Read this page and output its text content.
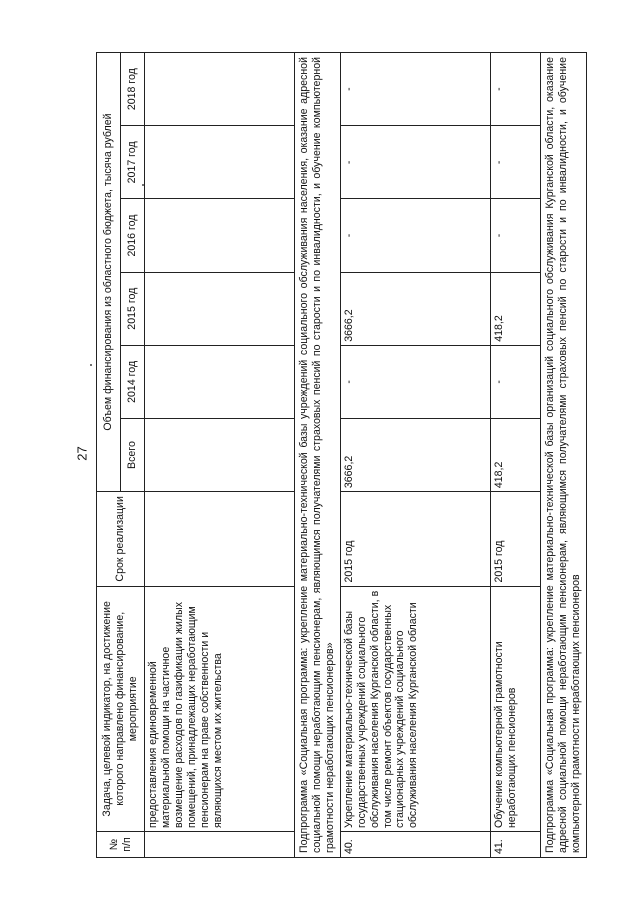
27
№ п/п	Задача, целевой индикатор, на достижение которого направлено финансирование, мероприятие	Срок реализации	Объем финансирования из областного бюджета, тысяча рублей					
			Всего	2014 год	2015 год	2016 год	2017 год	2018 год
	предоставления единовременной материальной помощи на частичное возмещение расходов по газификации жилых помещений, принадлежащих неработающим пенсионерам на праве собственности и являющихся местом их жительства							
Подпрограмма «Социальная программа: укрепление материально-технической базы учреждений социального обслуживания населения, оказание адресной социальной помощи неработающим пенсионерам, являющимся получателями страховых пенсий по старости и по инвалидности, и обучение компьютерной грамотности неработающих пенсионеров»								
40.	Укрепление материально-технической базы государственных учреждений социального обслуживания населения Курганской области, в том числе ремонт объектов государственных стационарных учреждений социального обслуживания населения Курганской области	2015 год	3666,2	-	3666,2	-	-	-
41.	Обучение компьютерной грамотности неработающих пенсионеров	2015 год	418,2	-	418,2	-	-	-
Подпрограмма «Социальная программа: укрепление материально-технической базы организаций социального обслуживания Курганской области, оказание адресной социальной помощи неработающим пенсионерам, являющимся получателями страховых пенсий по старости и по инвалидности, и обучение компьютерной грамотности неработающих пенсионеров								
